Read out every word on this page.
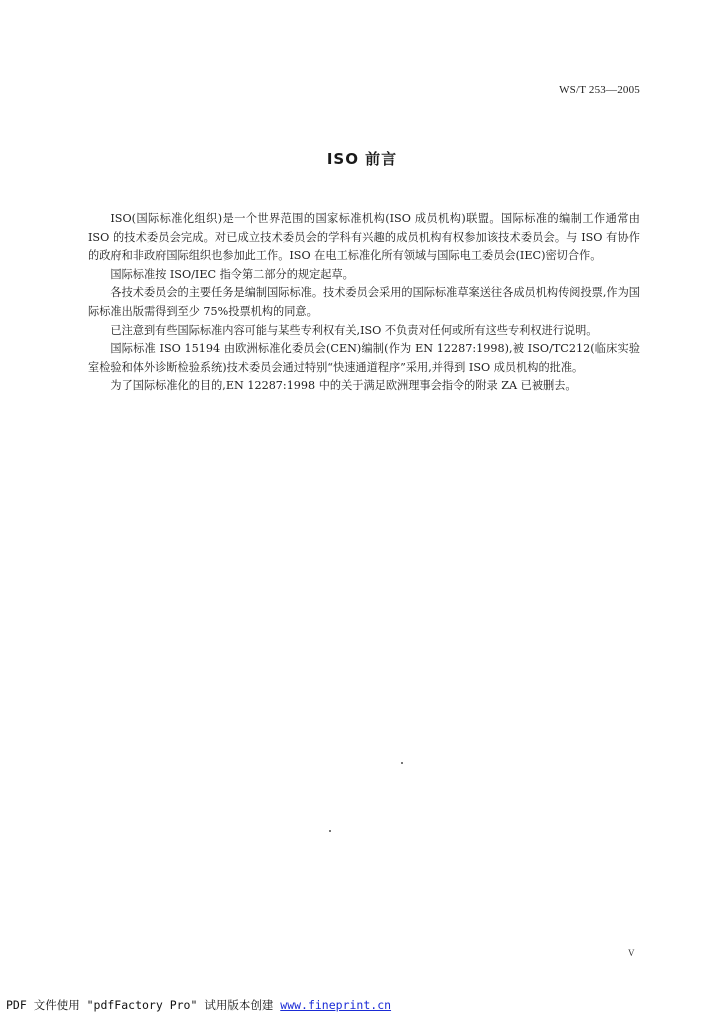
WS/T 253—2005
ISO 前言

ISO(国际标准化组织)是一个世界范围的国家标准机构(ISO 成员机构)联盟。国际标准的编制工作通常由 ISO 的技术委员会完成。对已成立技术委员会的学科有兴趣的成员机构有权参加该技术委员会。与 ISO 有协作的政府和非政府国际组织也参加此工作。ISO 在电工标准化所有领域与国际电工委员会(IEC)密切合作。

国际标准按 ISO/IEC 指令第二部分的规定起草。

各技术委员会的主要任务是编制国际标准。技术委员会采用的国际标准草案送往各成员机构传阅投票,作为国际标准出版需得到至少 75%投票机构的同意。

已注意到有些国际标准内容可能与某些专利权有关,ISO 不负责对任何或所有这些专利权进行说明。

国际标准 ISO 15194 由欧洲标准化委员会(CEN)编制(作为 EN 12287:1998),被 ISO/TC212(临床实验室检验和体外诊断检验系统)技术委员会通过特别“快速通道程序”采用,并得到 ISO 成员机构的批准。

为了国际标准化的目的,EN 12287:1998 中的关于满足欧洲理事会指令的附录 ZA 已被删去。

V
PDF 文件使用 "pdfFactory Pro" 试用版本创建 www.fineprint.cn
